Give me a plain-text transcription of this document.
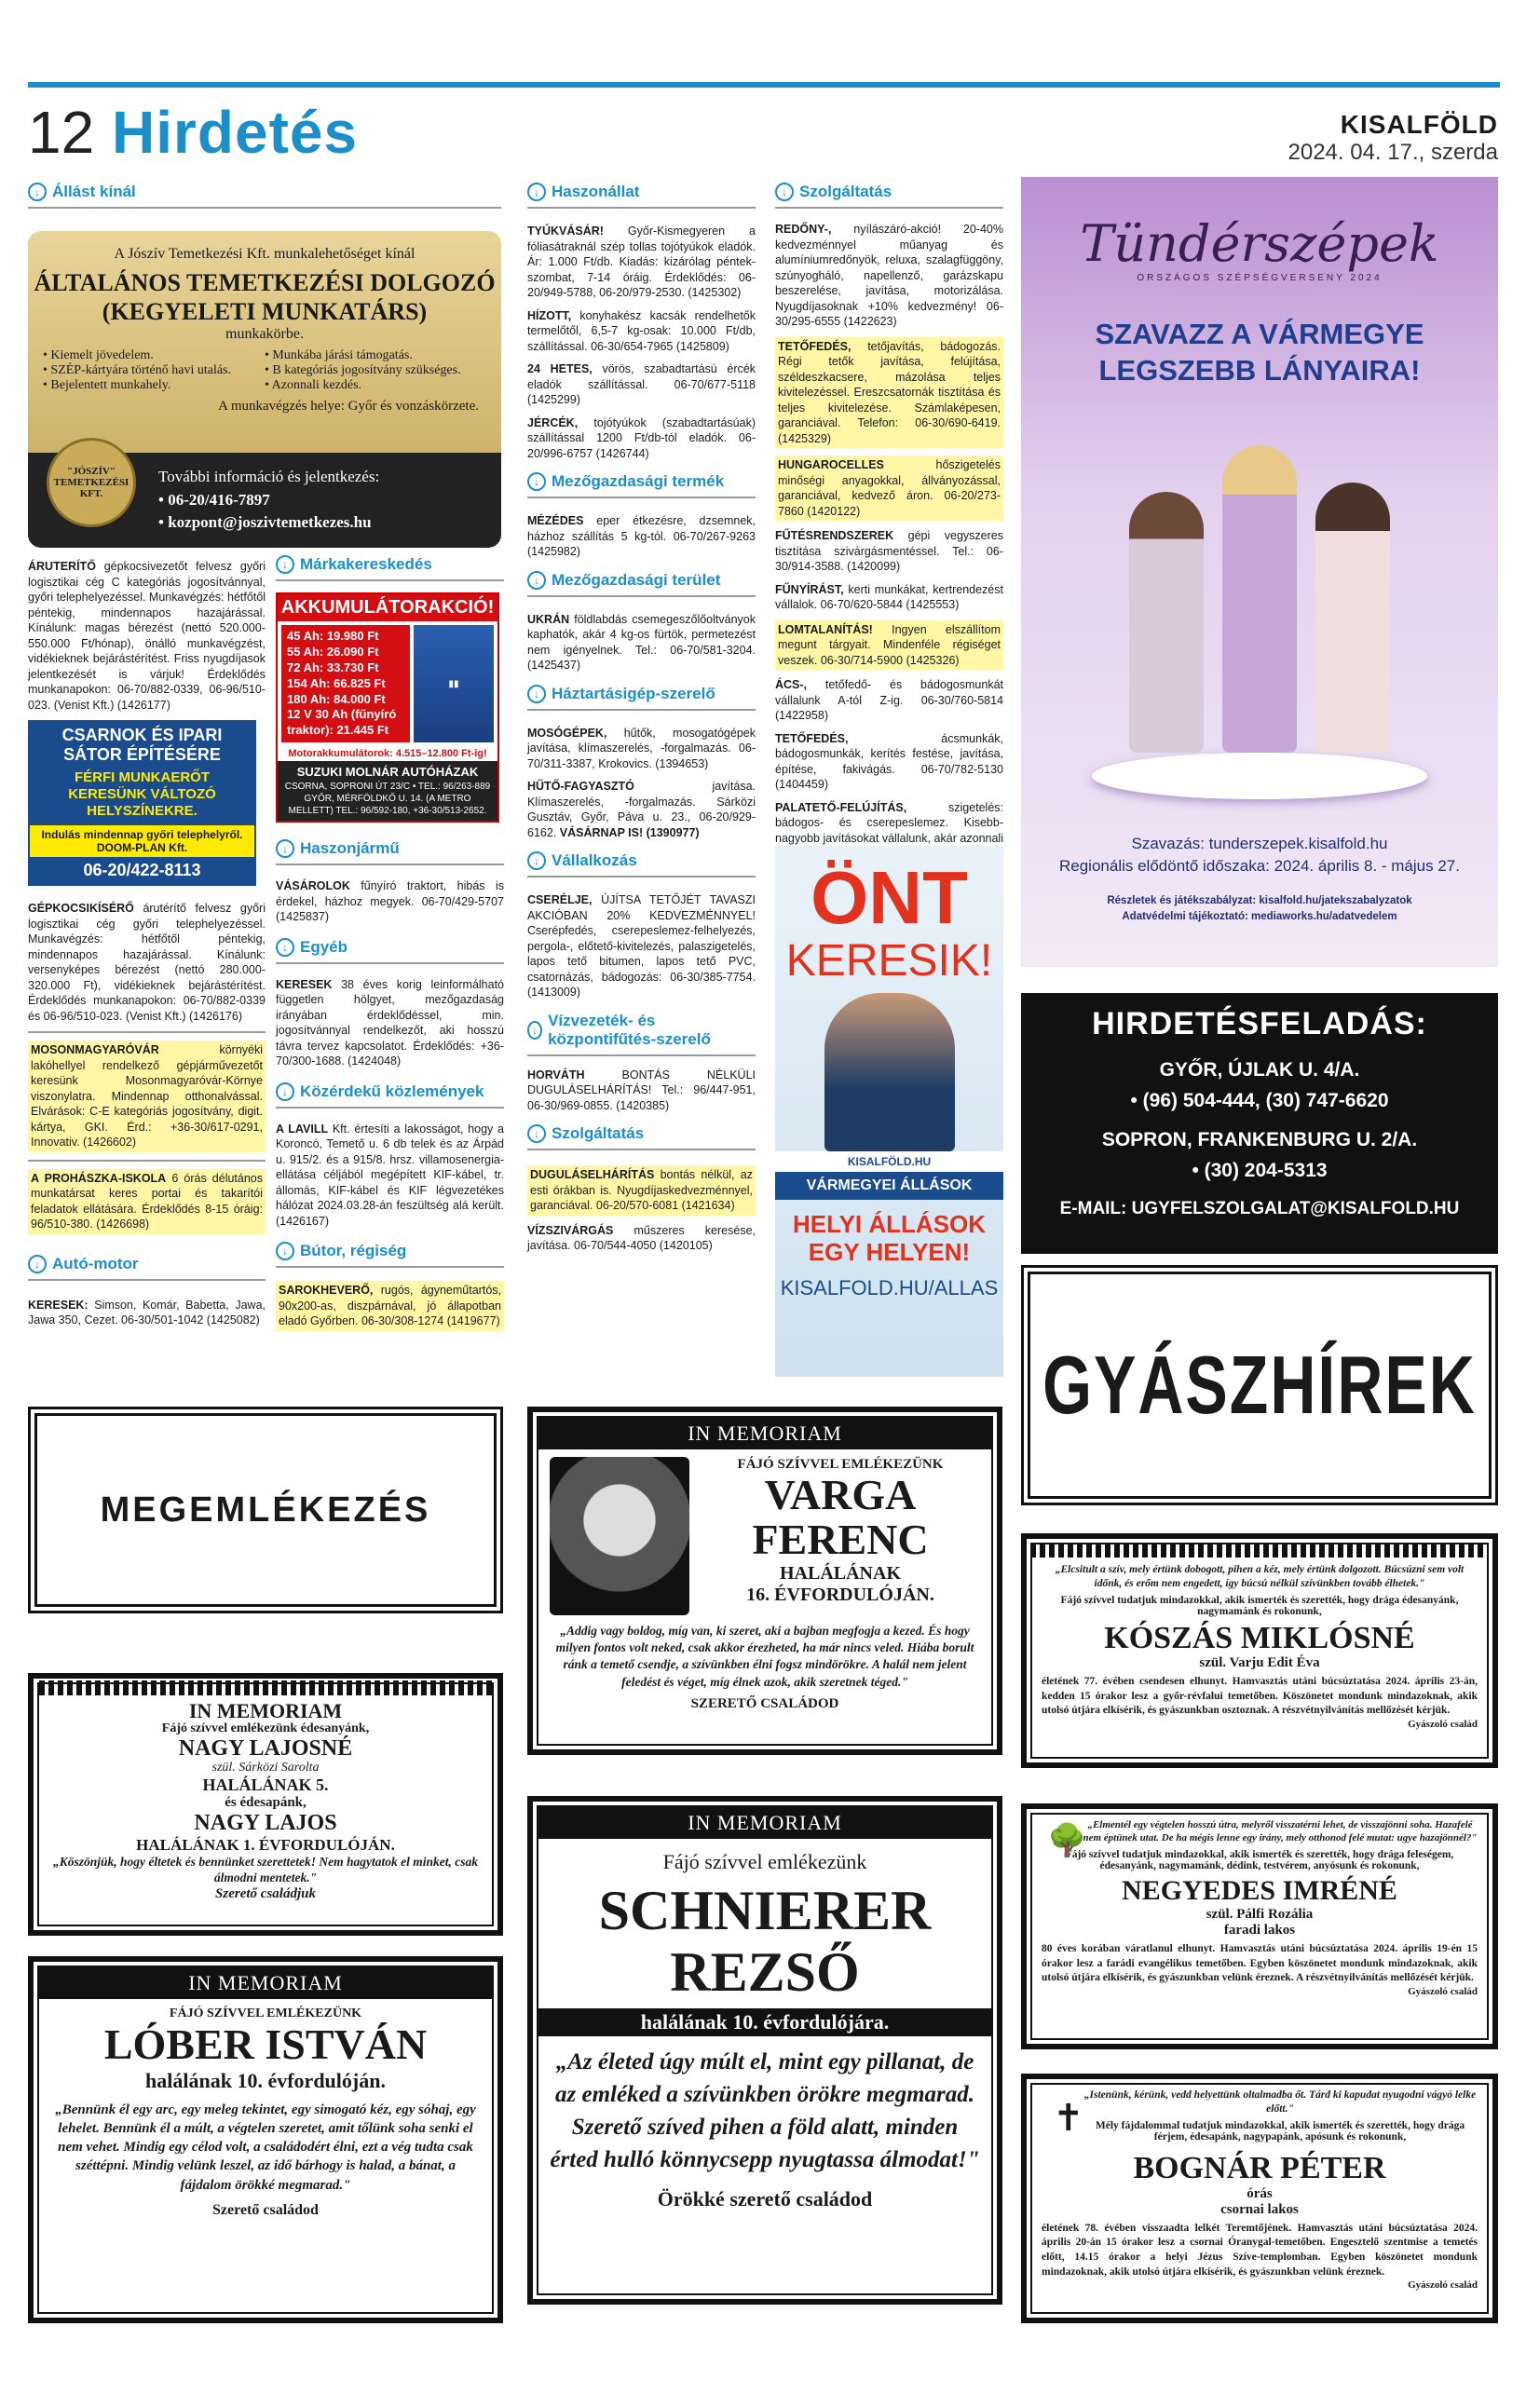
12 Hirdetés	KISALFÖLD
2024. 04. 17., szerda
↓ Állást kínál
A Jószív Temetkezési Kft. munkalehetőséget kínál
ÁLTALÁNOS TEMETKEZÉSI DOLGOZÓ (KEGYELETI MUNKATÁRS)
munkakörbe.
• Kiemelt jövedelem.	• Munkába járási támogatás.
• SZÉP-kártyára történő havi utalás.	• B kategóriás jogosítvány szükséges.
• Bejelentett munkahely.	• Azonnali kezdés.
A munkavégzés helye: Győr és vonzáskörzete.
"JÓSZÍV" TEMETKEZÉSI KFT.
További információ és jelentkezés:
• 06-20/416-7897
• kozpont@joszivtemetkezes.hu
ÁRUTERÍTŐ gépkocsivezetőt felvesz győri logisztikai cég C kategóriás jogosítvánnyal, győri telephelyezéssel. Munkavégzés: hétfőtől péntekig, mindennapos hazajárással. Kínálunk: magas bérezést (nettó 520.000-550.000 Ft/hónap), önálló munkavégzést, vidékieknek bejárástérítést. Friss nyugdíjasok jelentkezését is várjuk! Érdeklődés munkanapokon: 06-70/882-0339, 06-96/510-023. (Venist Kft.) (1426177)
CSARNOK ÉS IPARI SÁTOR ÉPÍTÉSÉRE
FÉRFI MUNKAERŐT KERESÜNK VÁLTOZÓ HELYSZÍNEKRE.
Indulás mindennap győri telephelyről. DOOM-PLAN Kft.
06-20/422-8113
GÉPKOCSIKÍSÉRŐ árutérítő felvesz győri logisztikai cég győri telephelyezéssel. Munkavégzés: hétfőtől péntekig, mindennapos hazajárással. Kínálunk: versenyképes bérezést (nettó 280.000-320.000 Ft), vidékieknek bejárástérítést. Érdeklődés munkanapokon: 06-70/882-0339 és 06-96/510-023. (Venist Kft.) (1426176)
MOSONMAGYARÓVÁR	környéki lakóhellyel rendelkező gépjárművezetőt keresünk Mosonmagyaróvár-Környe viszonylatra. Mindennap otthonalvással. Elvárások: C-E kategóriás jogosítvány, digit. kártya, GKI. Érd.: +36-30/617-0291, Innovativ. (1426602)
A PROHÁSZKA-ISKOLA 6 órás délutános munkatársat keres portai és takarítói feladatok ellátására. Érdeklődés 8-15 óráig: 96/510-380. (1426698)
↓ Autó-motor
KERESEK: Simson, Komár, Babetta, Jawa, Jawa 350, Cezet. 06-30/501-1042 (1425082)
↓ Márkakereskedés
AKKUMULÁTORAKCIÓ!
45 Ah: 19.980 Ft
55 Ah: 26.090 Ft
72 Ah: 33.730 Ft
154 Ah: 66.825 Ft
180 Ah: 84.000 Ft
12 V 30 Ah (fűnyíró traktor): 21.445 Ft
▮▮
Motorakkumulátorok: 4.515–12.800 Ft-ig!
SUZUKI MOLNÁR AUTÓHÁZAK
CSORNA, SOPRONI ÚT 23/C • TEL.: 96/263-889
GYŐR, MÉRFÖLDKŐ U. 14. (A METRO MELLETT) TEL.: 96/592-180, +36-30/513-2652.
↓ Haszonjármű
VÁSÁROLOK fűnyíró traktort, hibás is érdekel, házhoz megyek. 06-70/429-5707 (1425837)
↓ Egyéb
KERESEK 38 éves korig leinformálható független hölgyet, mezőgazdaság irányában érdeklődéssel, min. jogosítvánnyal rendelkezőt, aki hosszú távra tervez kapcsolatot. Érdeklődés: +36-70/300-1688. (1424048)
↓ Közérdekű közlemények
A LAVILL Kft. értesíti a lakosságot, hogy a Koroncó, Temető u. 6 db telek és az Árpád u. 915/2. és a 915/8. hrsz. villamosenergia-ellátása céljából megépített KIF-kábel, tr. állomás, KIF-kábel és KIF légvezetékes hálózat 2024.03.28-án feszültség alá került. (1426167)
↓ Bútor, régiség
SAROKHEVERŐ, rugós, ágyneműtartós, 90x200-as, diszpárnával, jó állapotban eladó Győrben. 06-30/308-1274 (1419677)
↓ Haszonállat
TYÚKVÁSÁR! Győr-Kismegyeren a fóliasátraknál szép tollas tojótyúkok eladók. Ár: 1.000 Ft/db. Kiadás: kizárólag péntek-szombat, 7-14 óráig. Érdeklődés: 06-20/949-5788, 06-20/979-2530. (1425302)
HÍZOTT, konyhakész kacsák rendelhetők termelőtől, 6,5-7 kg-osak: 10.000 Ft/db, szállítással. 06-30/654-7965 (1425809)
24 HETES, vörös, szabadtartású ércék eladók szállítással. 06-70/677-5118 (1425299)
JÉRCÉK, tojótyúkok (szabadtartásúak) szállítással 1200 Ft/db-tól eladók. 06-20/996-6757 (1426744)
↓ Mezőgazdasági termék
MÉZÉDES eper étkezésre, dzsemnek, házhoz szállítás 5 kg-tól. 06-70/267-9263 (1425982)
↓ Mezőgazdasági terület
UKRÁN földlabdás csemegeszőlőoltványok kaphatók, akár 4 kg-os fürtök, permetezést nem igényelnek. Tel.: 06-70/581-3204. (1425437)
↓ Háztartásigép-szerelő
MOSÓGÉPEK, hűtők, mosogatógépek javítása, klímaszerelés, -forgalmazás. 06-70/311-3387, Krokovics. (1394653)
HŰTŐ-FAGYASZTÓ	javítása. Klímaszerelés, -forgalmazás. Sárközi Gusztáv, Győr, Páva u. 23., 06-20/929-6162. VÁSÁRNAP IS! (1390977)
↓ Vállalkozás
CSERÉLJE, ÚJÍTSA TETŐJÉT TAVASZI AKCIÓBAN 20% KEDVEZMÉNNYEL! Cserépfedés, cserepeslemez-felhelyezés, pergola-, előtető-kivitelezés, palaszigetelés, lapos tető bitumen, lapos tető PVC, csatornázás, bádogozás: 06-30/385-7754. (1413009)
↓
Vízvezeték- és központifűtés-szerelő
HORVÁTH	BONTÁS NÉLKÜLI DUGULÁSELHÁRÍTÁS! Tel.: 96/447-951, 06-30/969-0855. (1420385)
↓ Szolgáltatás
DUGULÁSELHÁRÍTÁS bontás nélkül, az esti órákban is. Nyugdíjaskedvezménnyel, garanciával. 06-20/570-6081 (1421634)
VÍZSZIVÁRGÁS műszeres keresése, javítása. 06-70/544-4050 (1420105)
↓ Szolgáltatás
REDŐNY-, nyílászáró-akció! 20-40% kedvezménnyel műanyag és alumíniumredőnyök, reluxa, szalagfüggöny, szúnyogháló, napellenző, garázskapu beszerelése, javítása, motorizálása. Nyugdíjasoknak +10% kedvezmény! 06-30/295-6555 (1422623)
TETŐFEDÉS, tetőjavítás, bádogozás. Régi tetők javítása, felújítása, széldeszkacsere, mázolása teljes kivitelezéssel. Ereszcsatornák tisztítása és teljes kivitelezése. Számlaképesen, garanciával. Telefon: 06-30/690-6419. (1425329)
HUNGAROCELLES	hőszigetelés minőségi anyagokkal, állványozással, garanciával, kedvező áron. 06-20/273-7860 (1420122)
FŰTÉSRENDSZEREK gépi vegyszeres tisztítása szivárgásmentéssel. Tel.: 06-30/914-3588. (1420099)
FŰNYÍRÁST, kerti munkákat, kertrendezést vállalok. 06-70/620-5844 (1425553)
LOMTALANÍTÁS! Ingyen elszállítom megunt tárgyait. Mindenféle régiséget veszek. 06-30/714-5900 (1425326)
ÁCS-, tetőfedő- és bádogosmunkát vállalunk A-tól Z-ig. 06-30/760-5814 (1422958)
TETŐFEDÉS,	ácsmunkák, bádogosmunkák, kerítés festése, javítása, építése, fakivágás. 06-70/782-5130 (1404459)
PALATETŐ-FELÚJÍTÁS,	szigetelés: bádogos- és cserepeslemez. Kisebb-nagyobb javításokat vállalunk, akár azonnali
ÖNT
KERESIK!
KISALFÖLD.HU
VÁRMEGYEI ÁLLÁSOK
HELYI ÁLLÁSOK EGY HELYEN!
KISALFOLD.HU/ALLAS
Tündérszépek
ORSZÁGOS SZÉPSÉGVERSENY 2024
SZAVAZZ A VÁRMEGYE LEGSZEBB LÁNYAIRA!
Szavazás: tunderszepek.kisalfold.hu
Regionális elődöntő időszaka: 2024. április 8. - május 27.
Részletek és játékszabályzat: kisalfold.hu/jatekszabalyzatok
Adatvédelmi tájékoztató: mediaworks.hu/adatvedelem
HIRDETÉSFELADÁS:
GYŐR, ÚJLAK U. 4/A.
• (96) 504-444, (30) 747-6620
SOPRON, FRANKENBURG U. 2/A.
• (30) 204-5313
E-MAIL: UGYFELSZOLGALAT@KISALFOLD.HU
GYÁSZHÍREK
MEGEMLÉKEZÉS
IN MEMORIAM
FÁJÓ SZÍVVEL EMLÉKEZÜNK
VARGA
FERENC
HALÁLÁNAK
16. ÉVFORDULÓJÁN.
„Addig vagy boldog, míg van, ki szeret, aki a bajban megfogja a kezed. És hogy milyen fontos volt neked, csak akkor érezheted, ha már nincs veled. Hiába borult ránk a temető csendje, a szívünkben élni fogsz mindörökre. A halál nem jelent feledést és véget, míg élnek azok, akik szeretnek téged."
SZERETŐ CSALÁDOD
IN MEMORIAM
Fájó szívvel emlékezünk édesanyánk,
NAGY LAJOSNÉ
szül. Sárközi Sarolta
HALÁLÁNAK 5.
és édesapánk,
NAGY LAJOS
HALÁLÁNAK 1. ÉVFORDULÓJÁN.
„Köszönjük, hogy éltetek és bennünket szerettetek! Nem hagytatok el minket, csak álmodni mentetek."
Szerető családjuk
IN MEMORIAM
FÁJÓ SZÍVVEL EMLÉKEZÜNK
LÓBER ISTVÁN
halálának 10. évfordulóján.
„Bennünk él egy arc, egy meleg tekintet, egy simogató kéz, egy sóhaj, egy lehelet. Bennünk él a múlt, a végtelen szeretet, amit tőlünk soha senki el nem vehet. Mindig egy célod volt, a családodért élni, ezt a vég tudta csak széttépni. Mindig velünk leszel, az idő bárhogy is halad, a bánat, a fájdalom örökké megmarad."
Szerető családod
IN MEMORIAM
Fájó szívvel emlékezünk
SCHNIERER
REZSŐ
halálának 10. évfordulójára.
„Az életed úgy múlt el, mint egy pillanat, de az emléked a szívünkben örökre megmarad. Szerető szíved pihen a föld alatt, minden érted hulló könnycsepp nyugtassa álmodat!"
Örökké szerető családod
„Elcsitult a szív, mely értünk dobogott, pihen a kéz, mely értünk dolgozott. Búcsúzni sem volt időnk, és erőm nem engedett, így búcsú nélkül szívünkben tovább élhetek."
Fájó szívvel tudatjuk mindazokkal, akik ismerték és szerették, hogy drága édesanyánk, nagymamánk és rokonunk,
KÓSZÁS MIKLÓSNÉ
szül. Varju Edit Éva
életének 77. évében csendesen elhunyt. Hamvasztás utáni búcsúztatása 2024. április 23-án, kedden 15 órakor lesz a győr-révfalui temetőben. Köszönetet mondunk mindazoknak, akik utolsó útjára elkísérik, és gyászunkban osztoznak. A részvétnyilvánítás mellőzését kérjük.
Gyászoló család
🌳 „Elmentél egy végtelen hosszú útra, melyről visszatérni lehet, de visszajönni soha. Hazafelé nem éptünek utat. De ha mégis lenne egy irány, mely otthonod felé mutat: ugye hazajönnél?"
Fájó szívvel tudatjuk mindazokkal, akik ismerték és szerették, hogy drága feleségem, édesanyánk, nagymamánk, dédink, testvérem, anyósunk és rokonunk,
NEGYEDES IMRÉNÉ
szül. Pálfi Rozália
faradi lakos
80 éves korában váratlanul elhunyt. Hamvasztás utáni búcsúztatása 2024. április 19-én 15 órakor lesz a farádi evangélikus temetőben. Egyben köszönetet mondunk mindazoknak, akik utolsó útjára elkísérik, és gyászunkban velünk éreznek. A részvétnyilvánítás mellőzését kérjük.
Gyászoló család
✝
„Istenünk, kérünk, vedd helyettünk oltalmadba őt. Tárd ki kapudat nyugodni vágyó lelke előtt."
Mély fájdalommal tudatjuk mindazokkal, akik ismerték és szerették, hogy drága férjem, édesapánk, nagypapánk, apósunk és rokonunk,
BOGNÁR PÉTER
órás
csornai lakos
életének 78. évében visszaadta lelkét Teremtőjének. Hamvasztás utáni búcsúztatása 2024. április 20-án 15 órakor lesz a csornai Óranygal-temetőben. Engesztelő szentmise a temetés előtt, 14.15 órakor a helyi Jézus Szíve-templomban. Egyben köszönetet mondunk mindazoknak, akik utolsó útjára elkísérik, és gyászunkban velünk éreznek.
Gyászoló család
